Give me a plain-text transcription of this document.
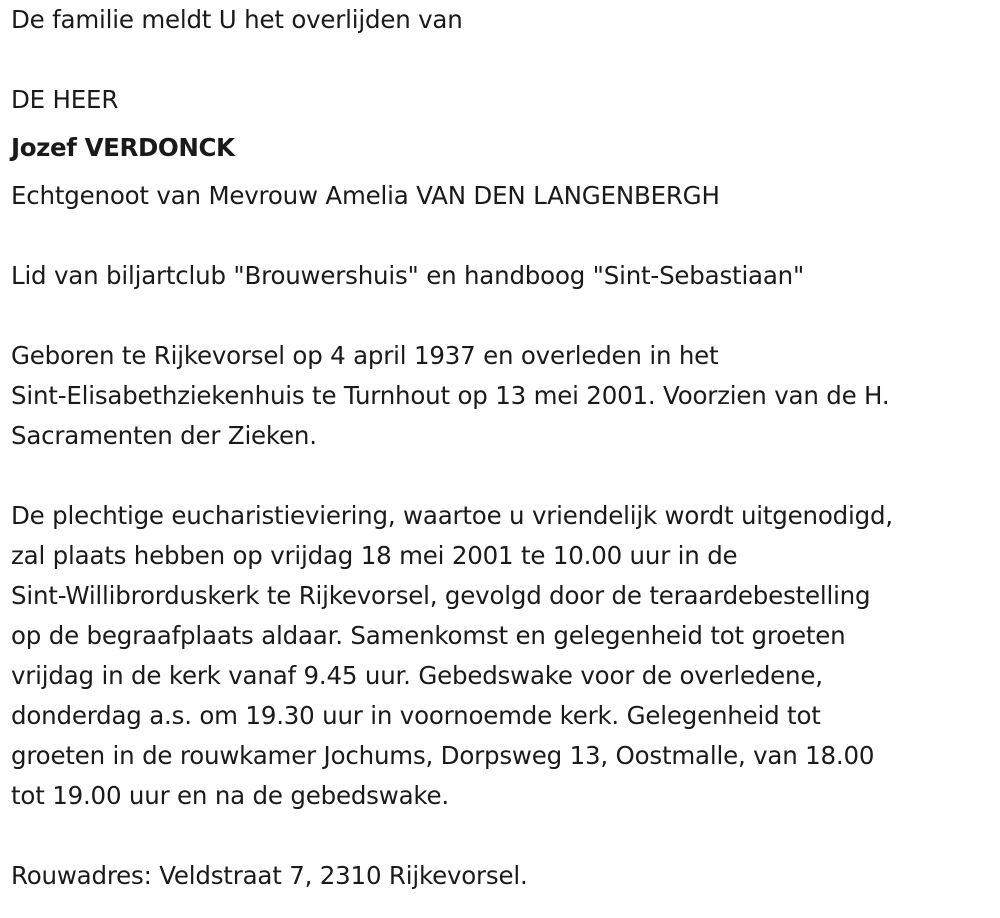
De familie meldt U het overlijden van
DE HEER
Jozef VERDONCK
Echtgenoot van Mevrouw Amelia VAN DEN LANGENBERGH
Lid van biljartclub "Brouwershuis" en handboog "Sint-Sebastiaan"
Geboren te Rijkevorsel op 4 april 1937 en overleden in het
Sint-Elisabethziekenhuis te Turnhout op 13 mei 2001. Voorzien van de H.
Sacramenten der Zieken.
De plechtige eucharistieviering, waartoe u vriendelijk wordt uitgenodigd,
zal plaats hebben op vrijdag 18 mei 2001 te 10.00 uur in de
Sint-Willibrorduskerk te Rijkevorsel, gevolgd door de teraardebestelling
op de begraafplaats aldaar. Samenkomst en gelegenheid tot groeten
vrijdag in de kerk vanaf 9.45 uur. Gebedswake voor de overledene,
donderdag a.s. om 19.30 uur in voornoemde kerk. Gelegenheid tot
groeten in de rouwkamer Jochums, Dorpsweg 13, Oostmalle, van 18.00
tot 19.00 uur en na de gebedswake.
Rouwadres: Veldstraat 7, 2310 Rijkevorsel.
